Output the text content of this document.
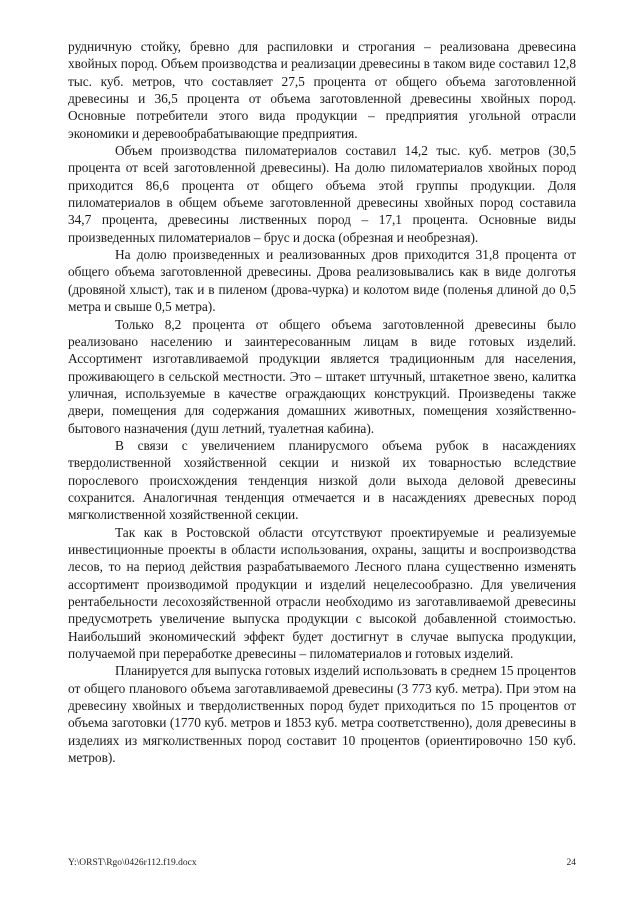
рудничную стойку, бревно для распиловки и строгания – реализована древесина хвойных пород. Объем производства и реализации древесины в таком виде составил 12,8 тыс. куб. метров, что составляет 27,5 процента от общего объема заготовленной древесины и 36,5 процента от объема заготовленной древесины хвойных пород. Основные потребители этого вида продукции – предприятия угольной отрасли экономики и деревообрабатывающие предприятия.

Объем производства пиломатериалов составил 14,2 тыс. куб. метров (30,5 процента от всей заготовленной древесины). На долю пиломатериалов хвойных пород приходится 86,6 процента от общего объема этой группы продукции. Доля пиломатериалов в общем объеме заготовленной древесины хвойных пород составила 34,7 процента, древесины лиственных пород – 17,1 процента. Основные виды произведенных пиломатериалов – брус и доска (обрезная и необрезная).

На долю произведенных и реализованных дров приходится 31,8 процента от общего объема заготовленной древесины. Дрова реализовывались как в виде долготья (дровяной хлыст), так и в пиленом (дрова-чурка) и колотом виде (поленья длиной до 0,5 метра и свыше 0,5 метра).

Только 8,2 процента от общего объема заготовленной древесины было реализовано населению и заинтересованным лицам в виде готовых изделий. Ассортимент изготавливаемой продукции является традиционным для населения, проживающего в сельской местности. Это – штакет штучный, штакетное звено, калитка уличная, используемые в качестве ограждающих конструкций. Произведены также двери, помещения для содержания домашних животных, помещения хозяйственно-бытового назначения (душ летний, туалетная кабина).

В связи с увеличением планирусмого объема рубок в насаждениях твердолиственной хозяйственной секции и низкой их товарностью вследствие порослевого происхождения тенденция низкой доли выхода деловой древесины сохранится. Аналогичная тенденция отмечается и в насаждениях древесных пород мягколиственной хозяйственной секции.

Так как в Ростовской области отсутствуют проектируемые и реализуемые инвестиционные проекты в области использования, охраны, защиты и воспроизводства лесов, то на период действия разрабатываемого Лесного плана существенно изменять ассортимент производимой продукции и изделий нецелесообразно. Для увеличения рентабельности лесохозяйственной отрасли необходимо из заготавливаемой древесины предусмотреть увеличение выпуска продукции с высокой добавленной стоимостью. Наибольший экономический эффект будет достигнут в случае выпуска продукции, получаемой при переработке древесины – пиломатериалов и готовых изделий.

Планируется для выпуска готовых изделий использовать в среднем 15 процентов от общего планового объема заготавливаемой древесины (3 773 куб. метра). При этом на древесину хвойных и твердолиственных пород будет приходиться по 15 процентов от объема заготовки (1770 куб. метров и 1853 куб. метра соответственно), доля древесины в изделиях из мягколиственных пород составит 10 процентов (ориентировочно 150 куб. метров).

Y:\ORST\Rgo\0426r112.f19.docx	24
